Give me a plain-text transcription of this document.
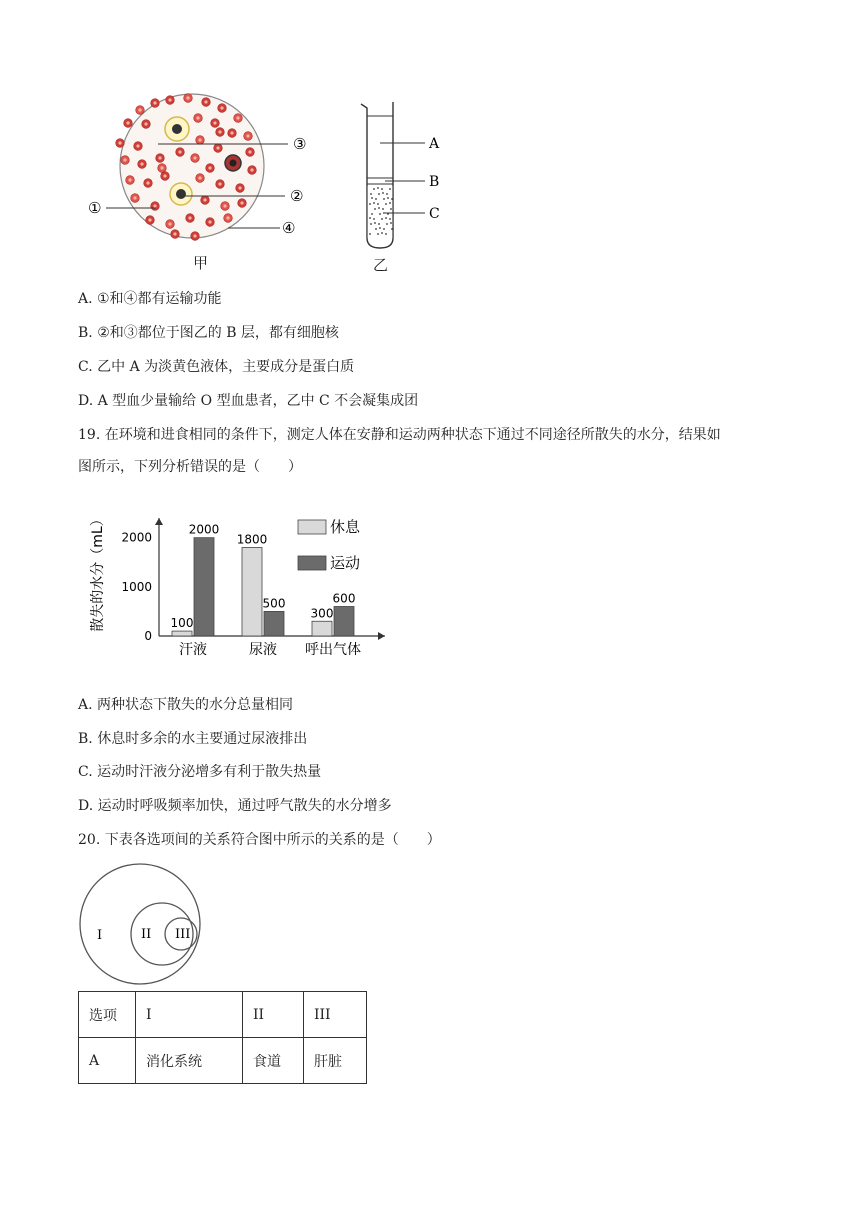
③
②
①
④
甲
A
B
C
乙
A. ①和④都有运输功能
B. ②和③都位于图乙的 B 层，都有细胞核
C. 乙中 A 为淡黄色液体，主要成分是蛋白质
D. A 型血少量输给 O 型血患者，乙中 C 不会凝集成团
19. 在环境和进食相同的条件下，测定人体在安静和运动两种状态下通过不同途径所散失的水分，结果如
图所示，下列分析错误的是（　　）
散失的水分（mL）
0
1000
2000
汗液	尿液 呼出气体
100
2000
1800
500
300
600
休息
运动
A. 两种状态下散失的水分总量相同
B. 休息时多余的水主要通过尿液排出
C. 运动时汗液分泌增多有利于散失热量
D. 运动时呼吸频率加快，通过呼气散失的水分增多
20. 下表各选项间的关系符合图中所示的关系的是（　　）
I	II III
选项	I	II	III
A	消化系统	食道	肝脏
